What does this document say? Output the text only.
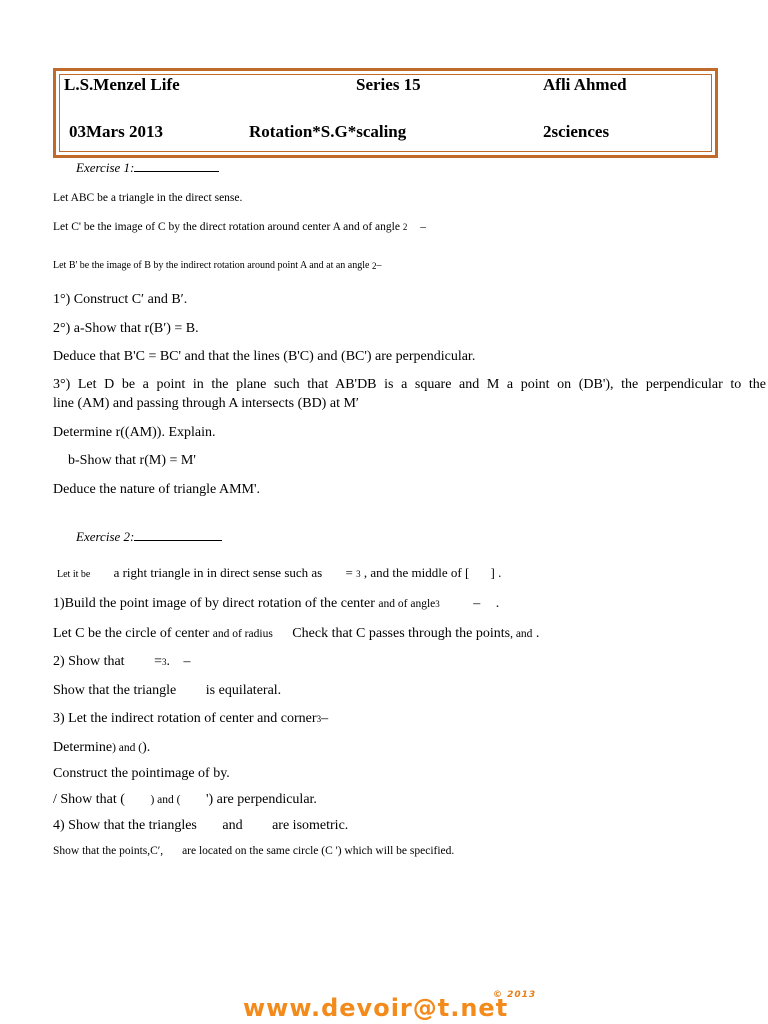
L.S.Menzel Life	Series 15	Afli Ahmed
03Mars 2013	Rotation*S.G*scaling	2sciences
Exercise 1:
Let ABC be a triangle in the direct sense.
Let C' be the image of C by the direct rotation around center A and of angle 2 –
Let B' be the image of B by the indirect rotation around point A and at an angle 2 –
1°) Construct C′ and B′.
2°) a-Show that r(B′) = B.
Deduce that B'C = BC' and that the lines (B'C) and (BC') are perpendicular.
3°) Let D be a point in the plane such that AB'DB is a square and M a point on (DB'), the perpendicular to the
line (AM) and passing through A intersects (BD) at M′
Determine r((AM)). Explain.
b-Show that r(M) = M'
Deduce the nature of triangle AMM'.
Exercise 2:
Let it be a right triangle in in direct sense such as = 3 , and the middle of [ ] .
1)Build the point image of by direct rotation of the center and of angle 3 – .
Let C be the circle of center and of radius Check that C passes through the points, and .
2) Show that = 3 . –
Show that the triangle is equilateral.
3) Let the indirect rotation of center and corner 3 –
Determine) and ().
Construct the pointimage of by.
/ Show that ( ) and ( ') are perpendicular.
4) Show that the triangles and are isometric.
Show that the points,C′, are located on the same circle (C ') which will be specified.
www.devoir@t.net
© 2013
